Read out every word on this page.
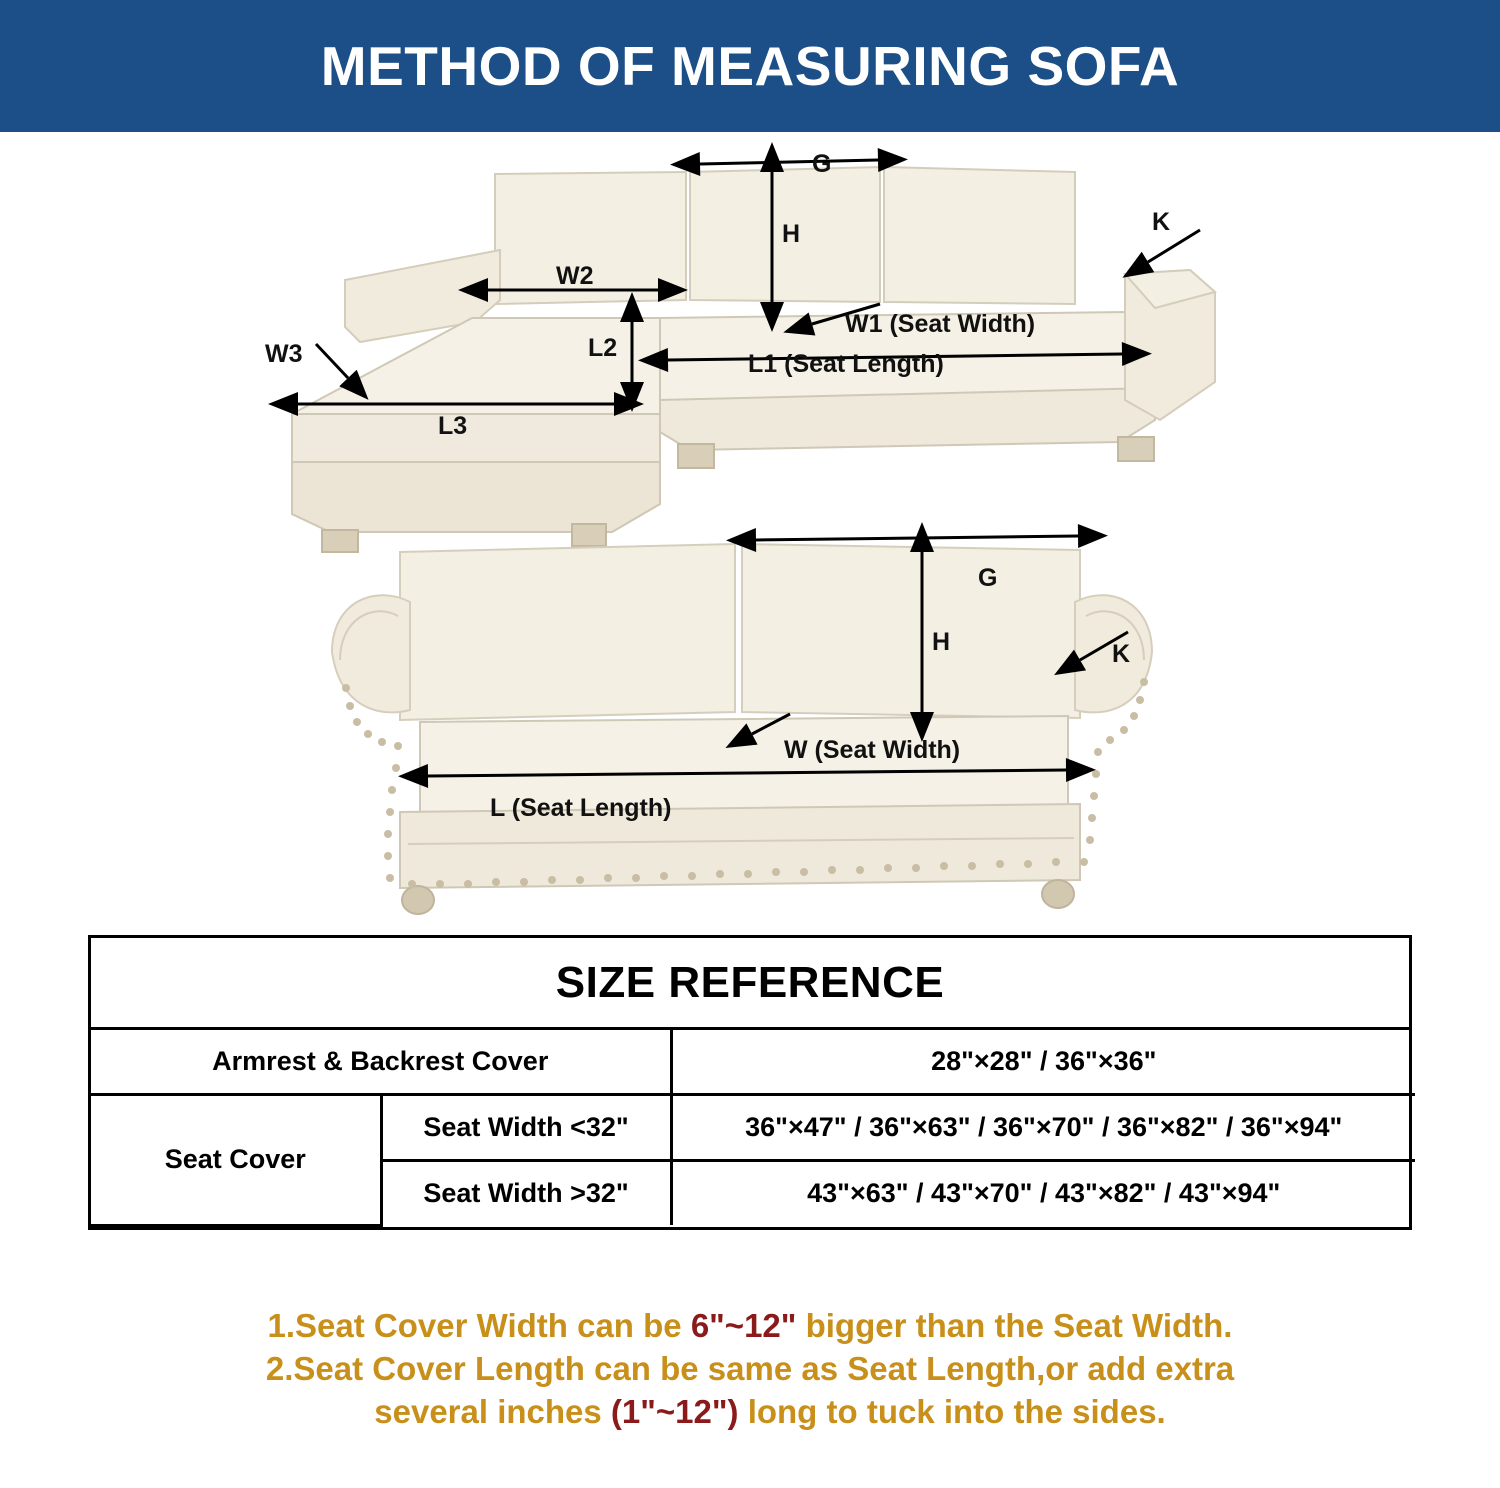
METHOD OF MEASURING SOFA
G
H	K
W1 (Seat Width)
W2
W3	L1 (Seat Length)
L2
L3
G
H	K
W (Seat Width)
L (Seat Length)
SIZE REFERENCE
Armrest & Backrest Cover		28"×28" / 36"×36"
Seat Cover	Seat Width <32"	36"×47" / 36"×63" / 36"×70" / 36"×82" / 36"×94"
	Seat Width >32"	43"×63" / 43"×70" / 43"×82" / 43"×94"
1.Seat Cover Width can be 6"~12" bigger than the Seat Width.
2.Seat Cover Length can be same as Seat Length,or add extra
several inches (1"~12") long to tuck into the sides.
